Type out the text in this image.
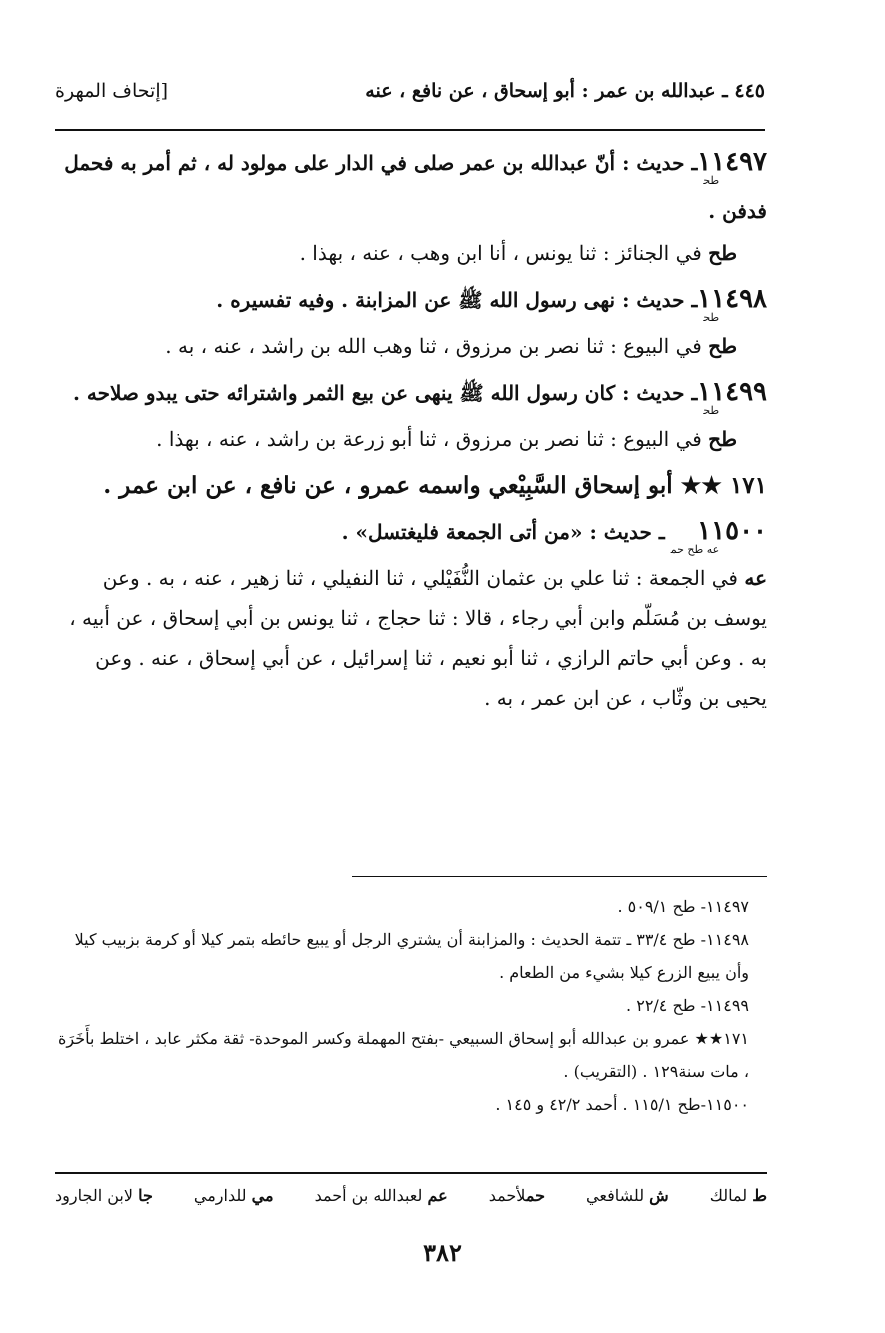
٤٤٥ ـ عبدالله بن عمر : أبو إسحاق ، عن نافع ، عنه
[إتحاف المهرة
$١١٤٩٧_{طح}ـ$ حديث : أنّ عبدالله بن عمر صلى في الدار على مولود له ، ثم أمر به فحمل فدفن .
طح في الجنائز : ثنا يونس ، أنا ابن وهب ، عنه ، بهذا .
$١١٤٩٨_{طح}ـ$ حديث : نهى رسول الله ﷺ عن المزابنة . وفيه تفسيره .
طح في البيوع : ثنا نصر بن مرزوق ، ثنا وهب الله بن راشد ، عنه ، به .
$١١٤٩٩_{طح}ـ$ حديث : كان رسول الله ﷺ ينهى عن بيع الثمر واشترائه حتى يبدو صلاحه .
طح في البيوع : ثنا نصر بن مرزوق ، ثنا أبو زرعة بن راشد ، عنه ، بهذا .
١٧١ ★★ أبو إسحاق السَّبِيْعي واسمه عمرو ، عن نافع ، عن ابن عمر .
$١١٥٠٠_{عه طح حم}ـ$ حديث : «من أتى الجمعة فليغتسل» .
عه في الجمعة : ثنا علي بن عثمان النُّفَيْلي ، ثنا النفيلي ، ثنا زهير ، عنه ، به . وعن يوسف بن مُسَلّم وابن أبي رجاء ، قالا : ثنا حجاج ، ثنا يونس بن أبي إسحاق ، عن أبيه ، به . وعن أبي حاتم الرازي ، ثنا أبو نعيم ، ثنا إسرائيل ، عن أبي إسحاق ، عنه . وعن يحيى بن وثّاب ، عن ابن عمر ، به .

١١٤٩٧- طح ٥٠٩/١ .

١١٤٩٨- طح ٣٣/٤ ـ تتمة الحديث : والمزابنة أن يشتري الرجل أو يبيع حائطه بتمر كيلا أو كرمة بزبيب كيلا وأن يبيع الزرع كيلا بشيء من الطعام .

١١٤٩٩- طح ٢٢/٤ .

١٧١★★ عمرو بن عبدالله أبو إسحاق السبيعي -بفتح المهملة وكسر الموحدة- ثقة مكثر عابد ، اختلط بأَخَرَة ، مات سنة١٢٩ . (التقريب) .

١١٥٠٠-طح ١١٥/١ . أحمد ٤٢/٢ و ١٤٥ .

ط لمالك
ش للشافعي
حملأحمد
عم لعبدالله بن أحمد
مي للدارمي
جا لابن الجارود
٣٨٢
